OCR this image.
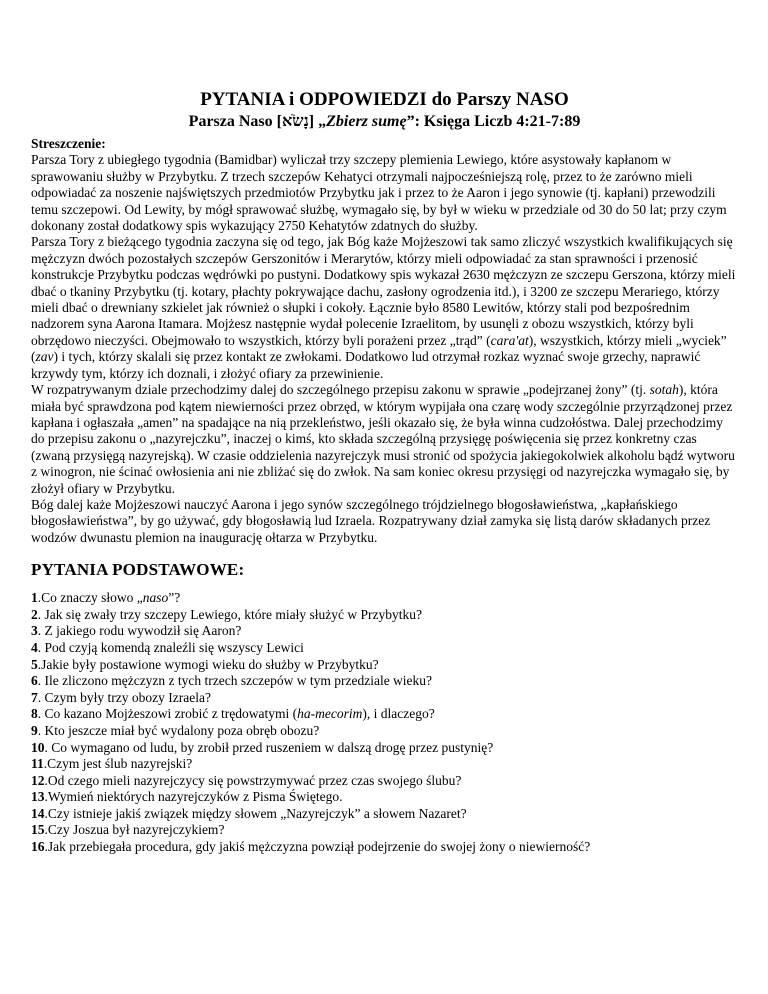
PYTANIA i ODPOWIEDZI do Parszy NASO
Parsza Naso [נָשֹׂא] „Zbierz sumę”: Księga Liczb 4:21-7:89

Streszczenie:

Parsza Tory z ubiegłego tygodnia (Bamidbar) wyliczał trzy szczepy plemienia Lewiego, które asystowały kapłanom w sprawowaniu służby w Przybytku. Z trzech szczepów Kehatyci otrzymali najpocześniejszą rolę, przez to że zarówno mieli odpowiadać za noszenie najświętszych przedmiotów Przybytku jak i przez to że Aaron i jego synowie (tj. kapłani) przewodzili temu szczepowi. Od Lewity, by mógł sprawować służbę, wymagało się, by był w wieku w przedziale od 30 do 50 lat; przy czym dokonany został dodatkowy spis wykazujący 2750 Kehatytów zdatnych do służby.

Parsza Tory z bieżącego tygodnia zaczyna się od tego, jak Bóg każe Mojżeszowi tak samo zliczyć wszystkich kwalifikujących się mężczyzn dwóch pozostałych szczepów Gerszonitów i Merarytów, którzy mieli odpowiadać za stan sprawności i przenosić konstrukcje Przybytku podczas wędrówki po pustyni. Dodatkowy spis wykazał 2630 mężczyzn ze szczepu Gerszona, którzy mieli dbać o tkaniny Przybytku (tj. kotary, płachty pokrywające dachu, zasłony ogrodzenia itd.), i 3200 ze szczepu Merariego, którzy mieli dbać o drewniany szkielet jak również o słupki i cokoły. Łącznie było 8580 Lewitów, którzy stali pod bezpośrednim nadzorem syna Aarona Itamara. Mojżesz następnie wydał polecenie Izraelitom, by usunęli z obozu wszystkich, którzy byli obrzędowo nieczyści. Obejmowało to wszystkich, którzy byli porażeni przez „trąd” (cara'at), wszystkich, którzy mieli „wyciek” (zav) i tych, którzy skalali się przez kontakt ze zwłokami. Dodatkowo lud otrzymał rozkaz wyznać swoje grzechy, naprawić krzywdy tym, którzy ich doznali, i złożyć ofiary za przewinienie.

W rozpatrywanym dziale przechodzimy dalej do szczególnego przepisu zakonu w sprawie „podejrzanej żony” (tj. sotah), która miała być sprawdzona pod kątem niewierności przez obrzęd, w którym wypijała ona czarę wody szczególnie przyrządzonej przez kapłana i ogłaszała „amen” na spadające na nią przekleństwo, jeśli okazało się, że była winna cudzołóstwa. Dalej przechodzimy do przepisu zakonu o „nazyrejczku”, inaczej o kimś, kto składa szczególną przysięgę poświęcenia się przez konkretny czas (zwaną przysięgą nazyrejską). W czasie oddzielenia nazyrejczyk musi stronić od spożycia jakiegokolwiek alkoholu bądź wytworu z winogron, nie ścinać owłosienia ani nie zbliżać się do zwłok. Na sam koniec okresu przysięgi od nazyrejczka wymagało się, by złożył ofiary w Przybytku.

Bóg dalej każe Mojżeszowi nauczyć Aarona i jego synów szczególnego trójdzielnego błogosławieństwa, „kapłańskiego błogosławieństwa”, by go używać, gdy błogosławią lud Izraela. Rozpatrywany dział zamyka się listą darów składanych przez wodzów dwunastu plemion na inaugurację ołtarza w Przybytku.

PYTANIA PODSTAWOWE:
1.Co znaczy słowo „naso”?
2. Jak się zwały trzy szczepy Lewiego, które miały służyć w Przybytku?
3. Z jakiego rodu wywodził się Aaron?
4. Pod czyją komendą znaleźli się wszyscy Lewici
5.Jakie były postawione wymogi wieku do służby w Przybytku?
6. Ile zliczono mężczyzn z tych trzech szczepów w tym przedziale wieku?
7. Czym były trzy obozy Izraela?
8. Co kazano Mojżeszowi zrobić z trędowatymi (ha-mecorim), i dlaczego?
9. Kto jeszcze miał być wydalony poza obręb obozu?
10. Co wymagano od ludu, by zrobił przed ruszeniem w dalszą drogę przez pustynię?
11.Czym jest ślub nazyrejski?
12.Od czego mieli nazyrejczycy się powstrzymywać przez czas swojego ślubu?
13.Wymień niektórych nazyrejczyków z Pisma Świętego.
14.Czy istnieje jakiś związek między słowem „Nazyrejczyk” a słowem Nazaret?
15.Czy Joszua był nazyrejczykiem?
16.Jak przebiegała procedura, gdy jakiś mężczyzna powziął podejrzenie do swojej żony o niewierność?
